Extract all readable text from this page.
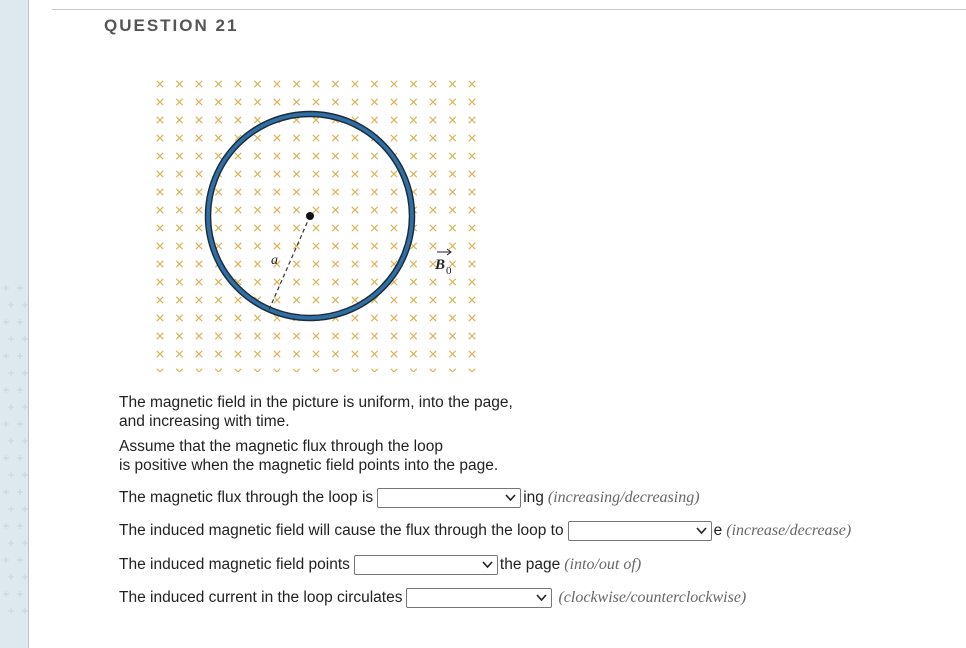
QUESTION 21
a	B 0
The magnetic field in the picture is uniform, into the page,
and increasing with time.
Assume that the magnetic flux through the loop
is positive when the magnetic field points into the page.
The magnetic flux through the loop is	ing (increasing/decreasing)
The induced magnetic field will cause the flux through the loop to	e (increase/decrease)
The induced magnetic field points	the page (into/out of)
The induced current in the loop circulates	(clockwise/counterclockwise)
